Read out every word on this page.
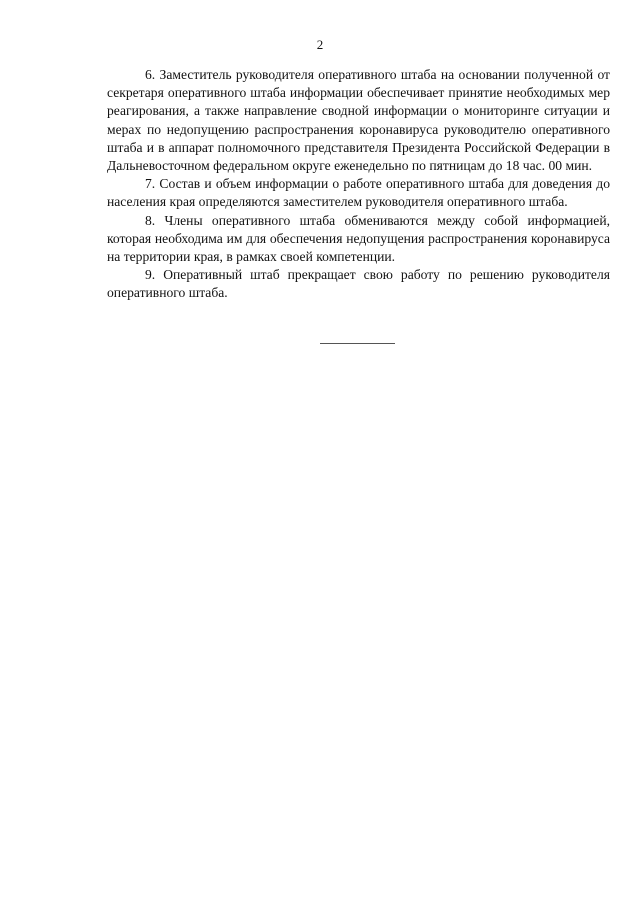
2

6. Заместитель руководителя оперативного штаба на основании полученной от секретаря оперативного штаба информации обеспечивает принятие необходимых мер реагирования, а также направление сводной информации о мониторинге ситуации и мерах по недопущению распространения коронавируса руководителю оперативного штаба и в аппарат полномочного представителя Президента Российской Федерации в Дальневосточном федеральном округе еженедельно по пятницам до 18 час. 00 мин.

7. Состав и объем информации о работе оперативного штаба для доведения до населения края определяются заместителем руководителя оперативного штаба.

8. Члены оперативного штаба обмениваются между собой информацией, которая необходима им для обеспечения недопущения распространения коронавируса на территории края, в рамках своей компетенции.

9. Оперативный штаб прекращает свою работу по решению руководителя оперативного штаба.
